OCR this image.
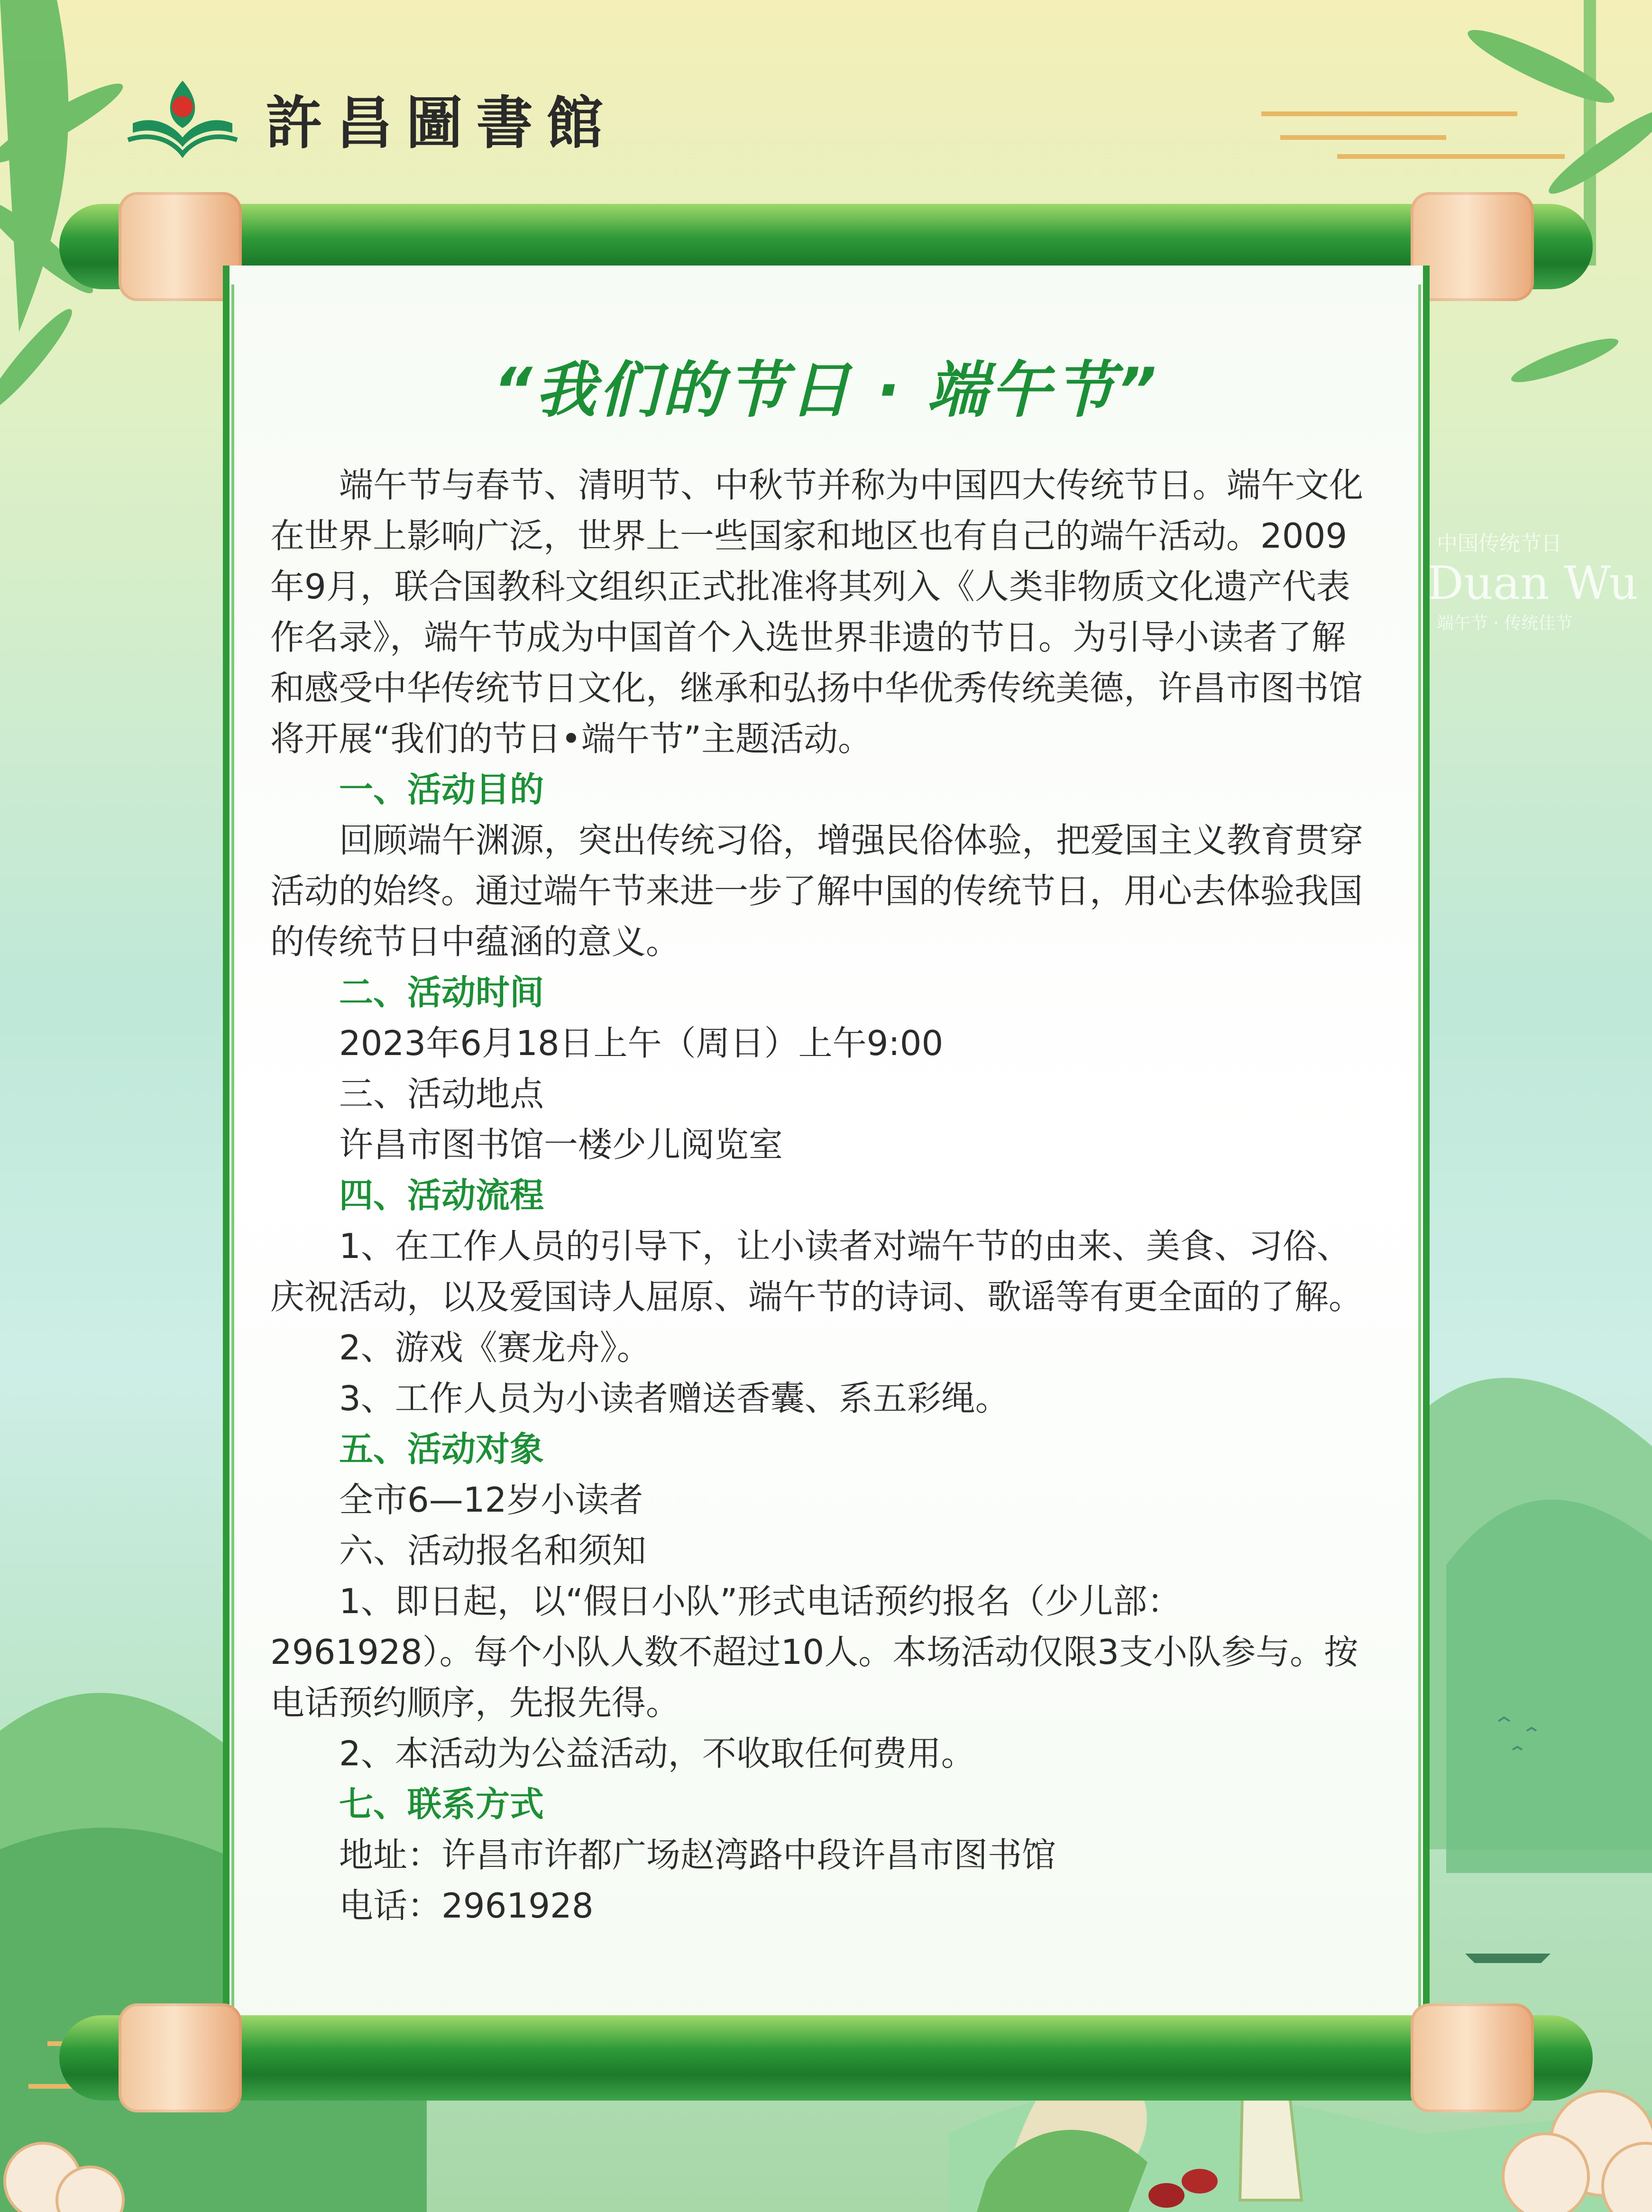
許昌圖書館
“我们的节日 · 端午节”

端午节与春节、清明节、中秋节并称为中国四大传统节日。端午文化在世界上影响广泛，世界上一些国家和地区也有自己的端午活动。2009年9月，联合国教科文组织正式批准将其列入《人类非物质文化遗产代表作名录》，端午节成为中国首个入选世界非遗的节日。为引导小读者了解和感受中华传统节日文化，继承和弘扬中华优秀传统美德，许昌市图书馆将开展“我们的节日•端午节”主题活动。

一、活动目的

回顾端午渊源，突出传统习俗，增强民俗体验，把爱国主义教育贯穿活动的始终。通过端午节来进一步了解中国的传统节日，用心去体验我国的传统节日中蕴涵的意义。

二、活动时间

2023年6月18日上午（周日）上午9:00

三、活动地点

许昌市图书馆一楼少儿阅览室

四、活动流程

1、在工作人员的引导下，让小读者对端午节的由来、美食、习俗、庆祝活动，以及爱国诗人屈原、端午节的诗词、歌谣等有更全面的了解。

2、游戏《赛龙舟》。

3、工作人员为小读者赠送香囊、系五彩绳。

五、活动对象

全市6—12岁小读者

六、活动报名和须知

1、即日起，以“假日小队”形式电话预约报名（少儿部：2961928）。每个小队人数不超过10人。本场活动仅限3支小队参与。按电话预约顺序，先报先得。

2、本活动为公益活动，不收取任何费用。

七、联系方式

地址：许昌市许都广场赵湾路中段许昌市图书馆

电话：2961928

中国传统节日
Duan Wu
端午节 · 传统佳节
